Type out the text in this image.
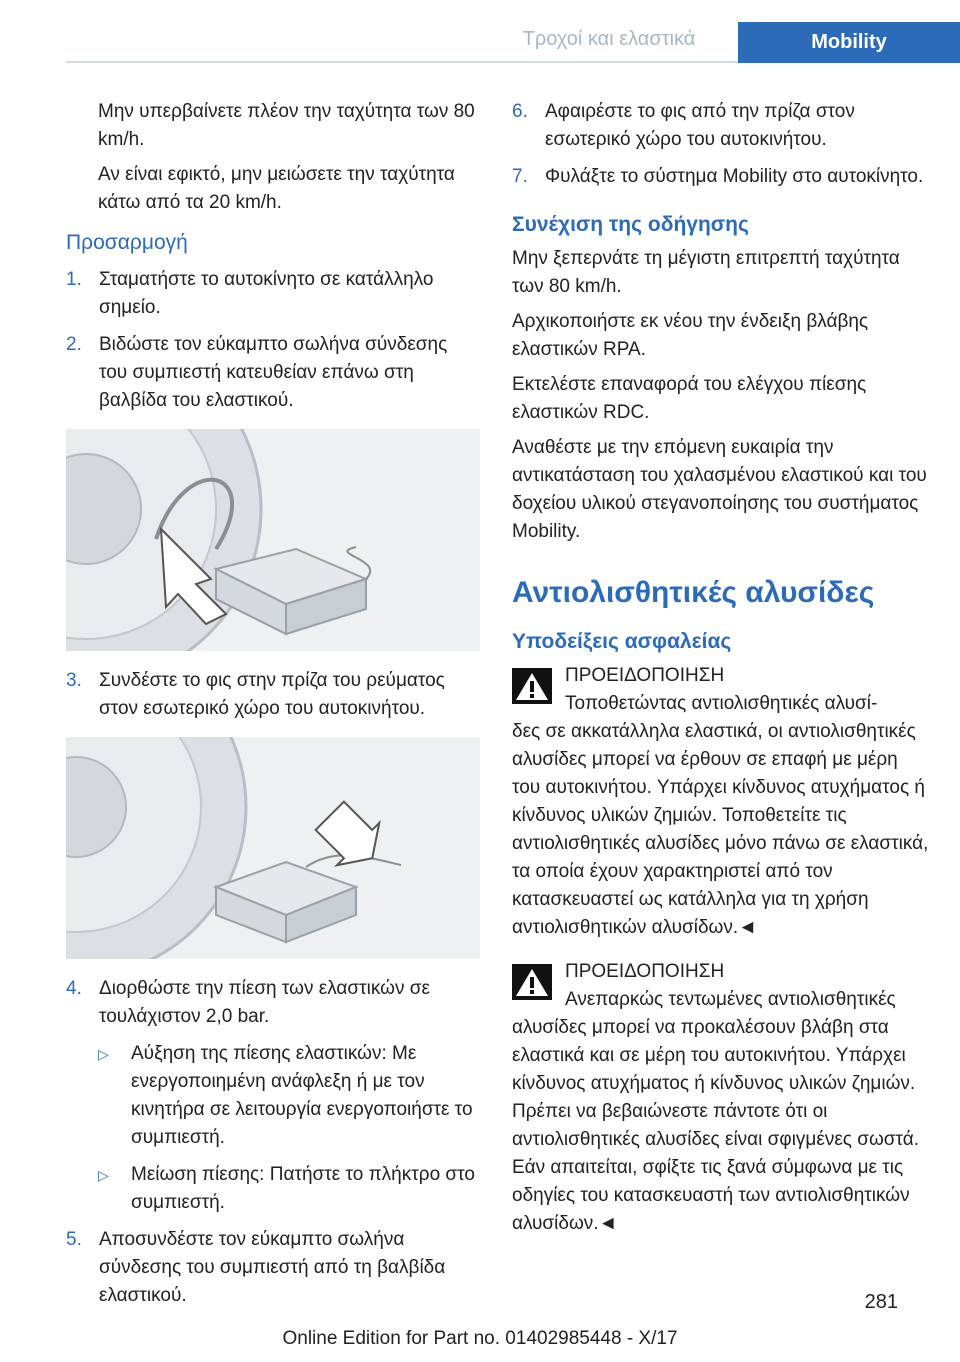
Τροχοί και ελαστικά	Mobility

Μην υπερβαίνετε πλέον την ταχύτητα των 80 km/h.

Αν είναι εφικτό, μην μειώσετε την ταχύτητα κάτω από τα 20 km/h.

Προσαρμογή
1. Σταματήστε το αυτοκίνητο σε κατάλληλο σημείο.
2. Βιδώστε τον εύκαμπτο σωλήνα σύνδεσης του συμπιεστή κατευθείαν επάνω στη βαλβίδα του ελαστικού.
3. Συνδέστε το φις στην πρίζα του ρεύματος στον εσωτερικό χώρο του αυτοκινήτου.
4. Διορθώστε την πίεση των ελαστικών σε τουλάχιστον 2,0 bar.
▷	Αύξηση της πίεσης ελαστικών: Με ενεργοποιημένη ανάφλεξη ή με τον κινητήρα σε λειτουργία ενεργοποιήστε το συμπιεστή.
▷	Μείωση πίεσης: Πατήστε το πλήκτρο στο συμπιεστή.
5. Αποσυνδέστε τον εύκαμπτο σωλήνα σύνδεσης του συμπιεστή από τη βαλβίδα ελαστικού.
6. Αφαιρέστε το φις από την πρίζα στον εσωτερικό χώρο του αυτοκινήτου.
7. Φυλάξτε το σύστημα Mobility στο αυτοκίνητο.
Συνέχιση της οδήγησης

Μην ξεπερνάτε τη μέγιστη επιτρεπτή ταχύτητα των 80 km/h.

Αρχικοποιήστε εκ νέου την ένδειξη βλάβης ελαστικών RPA.

Εκτελέστε επαναφορά του ελέγχου πίεσης ελαστικών RDC.

Αναθέστε με την επόμενη ευκαιρία την αντικατάσταση του χαλασμένου ελαστικού και του δοχείου υλικού στεγανοποίησης του συστήματος Mobility.

Αντιολισθητικές αλυσίδες
Υποδείξεις ασφαλείας
ΠΡΟΕΙΔΟΠΟΙΗΣΗ
Τοποθετώντας αντιολισθητικές αλυσί-
δες σε ακκατάλληλα ελαστικά, οι αντιολισθητικές αλυσίδες μπορεί να έρθουν σε επαφή με μέρη του αυτοκινήτου. Υπάρχει κίνδυνος ατυχήματος ή κίνδυνος υλικών ζημιών. Τοποθετείτε τις αντιολισθητικές αλυσίδες μόνο πάνω σε ελαστικά, τα οποία έχουν χαρακτηριστεί από τον κατασκευαστεί ως κατάλληλα για τη χρήση αντιολισθητικών αλυσίδων.◄
ΠΡΟΕΙΔΟΠΟΙΗΣΗ
Ανεπαρκώς τεντωμένες αντιολισθητικές
αλυσίδες μπορεί να προκαλέσουν βλάβη στα ελαστικά και σε μέρη του αυτοκινήτου. Υπάρχει κίνδυνος ατυχήματος ή κίνδυνος υλικών ζημιών. Πρέπει να βεβαιώνεστε πάντοτε ότι οι αντιολισθητικές αλυσίδες είναι σφιγμένες σωστά. Εάν απαιτείται, σφίξτε τις ξανά σύμφωνα με τις οδηγίες του κατασκευαστή των αντιολισθητικών αλυσίδων.◄
281
Online Edition for Part no. 01402985448 - X/17
